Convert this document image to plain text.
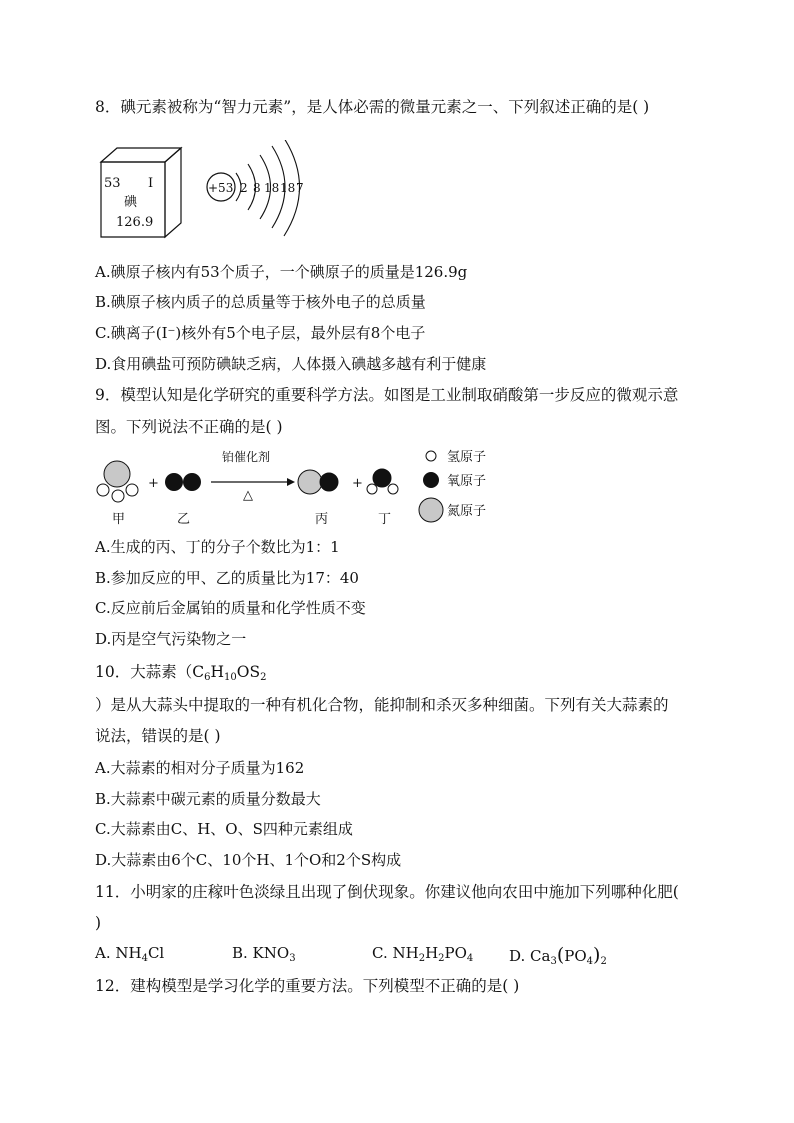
8．碘元素被称为“智力元素”，是人体必需的微量元素之一、下列叙述正确的是( )
53 I
碘
126.9
+53 2 8 18 18 7
A.碘原子核内有53个质子，一个碘原子的质量是126.9g
B.碘原子核内质子的总质量等于核外电子的总质量
C.碘离子(I⁻)核外有5个电子层，最外层有8个电子
D.食用碘盐可预防碘缺乏病，人体摄入碘越多越有利于健康
9．模型认知是化学研究的重要科学方法。如图是工业制取硝酸第一步反应的微观示意
图。下列说法不正确的是( )
+
铂催化剂
△
+
甲	乙	丙	丁
氢原子
氧原子
氮原子
A.生成的丙、丁的分子个数比为1：1
B.参加反应的甲、乙的质量比为17：40
C.反应前后金属铂的质量和化学性质不变
D.丙是空气污染物之一
10．大蒜素（$C_6H_{10}OS_2$
）是从大蒜头中提取的一种有机化合物，能抑制和杀灭多种细菌。下列有关大蒜素的
说法，错误的是( )
A.大蒜素的相对分子质量为162
B.大蒜素中碳元素的质量分数最大
C.大蒜素由C、H、O、S四种元素组成
D.大蒜素由6个C、10个H、1个O和2个S构成
11．小明家的庄稼叶色淡绿且出现了倒伏现象。你建议他向农田中施加下列哪种化肥(
)
A. $NH_4Cl$	B. $KNO_3$	C. $NH_2H_2PO_4$ D. $Ca_3(PO_4)_2$
12．建构模型是学习化学的重要方法。下列模型不正确的是( )
